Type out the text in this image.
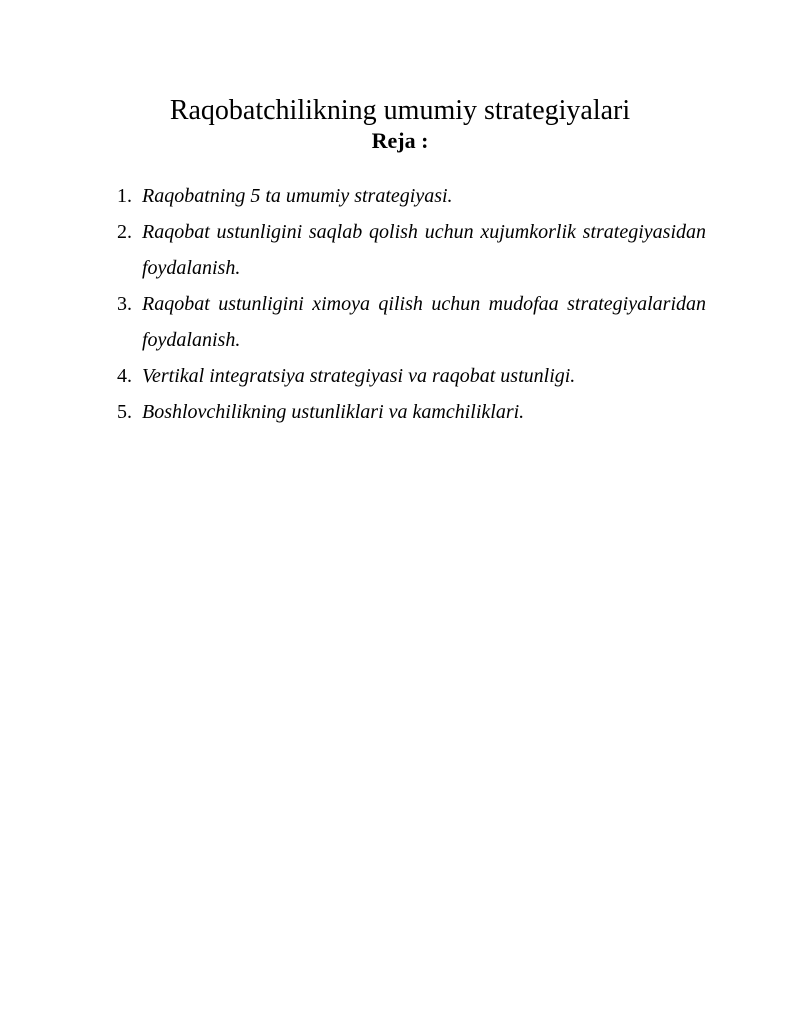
Raqobatchilikning umumiy strategiyalari
Reja :
1. Raqobatning 5 ta umumiy strategiyasi.
2. Raqobat ustunligini saqlab qolish uchun xujumkorlik strategiyasidan foydalanish.
3. Raqobat ustunligini ximoya qilish uchun mudofaa strategiyalaridan foydalanish.
4. Vertikal integratsiya strategiyasi va raqobat ustunligi.
5. Boshlovchilikning ustunliklari va kamchiliklari.
